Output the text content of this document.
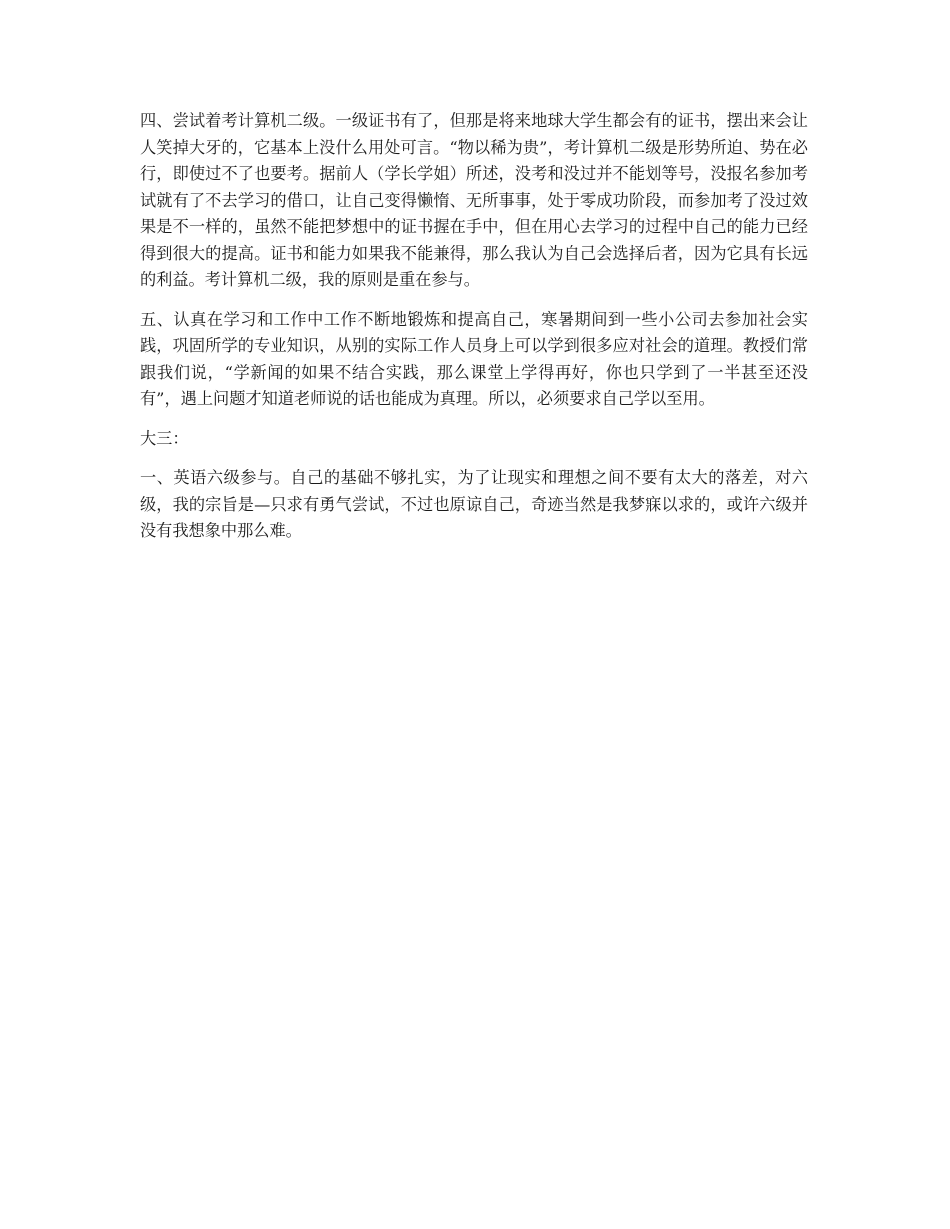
四、尝试着考计算机二级。一级证书有了，但那是将来地球大学生都会有的证书，摆出来会让人笑掉大牙的，它基本上没什么用处可言。“物以稀为贵”，考计算机二级是形势所迫、势在必行，即使过不了也要考。据前人（学长学姐）所述，没考和没过并不能划等号，没报名参加考试就有了不去学习的借口，让自己变得懒惰、无所事事，处于零成功阶段，而参加考了没过效果是不一样的，虽然不能把梦想中的证书握在手中，但在用心去学习的过程中自己的能力已经得到很大的提高。证书和能力如果我不能兼得，那么我认为自己会选择后者，因为它具有长远的利益。考计算机二级，我的原则是重在参与。

五、认真在学习和工作中工作不断地锻炼和提高自己，寒暑期间到一些小公司去参加社会实践，巩固所学的专业知识，从别的实际工作人员身上可以学到很多应对社会的道理。教授们常跟我们说，“学新闻的如果不结合实践，那么课堂上学得再好，你也只学到了一半甚至还没有”，遇上问题才知道老师说的话也能成为真理。所以，必须要求自己学以至用。

大三：

一、英语六级参与。自己的基础不够扎实，为了让现实和理想之间不要有太大的落差，对六级，我的宗旨是—只求有勇气尝试，不过也原谅自己，奇迹当然是我梦寐以求的，或许六级并没有我想象中那么难。
